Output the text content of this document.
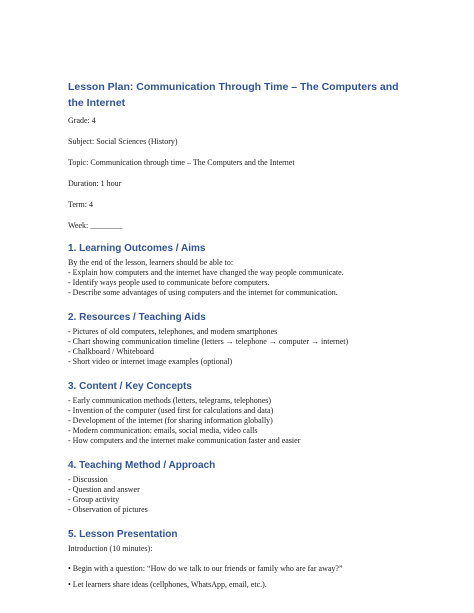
Lesson Plan: Communication Through Time – The Computers and the Internet

Grade: 4

Subject: Social Sciences (History)

Topic: Communication through time – The Computers and the Internet

Duration: 1 hour

Term: 4

Week: ________

1. Learning Outcomes / Aims

By the end of the lesson, learners should be able to:

- Explain how computers and the internet have changed the way people communicate.
- Identify ways people used to communicate before computers.
- Describe some advantages of using computers and the internet for communication.
2. Resources / Teaching Aids
- Pictures of old computers, telephones, and modern smartphones
- Chart showing communication timeline (letters → telephone → computer → internet)
- Chalkboard / Whiteboard
- Short video or internet image examples (optional)
3. Content / Key Concepts
- Early communication methods (letters, telegrams, telephones)
- Invention of the computer (used first for calculations and data)
- Development of the internet (for sharing information globally)
- Modern communication: emails, social media, video calls
- How computers and the internet make communication faster and easier
4. Teaching Method / Approach
- Discussion
- Question and answer
- Group activity
- Observation of pictures
5. Lesson Presentation

Introduction (10 minutes):

• Begin with a question: “How do we talk to our friends or family who are far away?”
• Let learners share ideas (cellphones, WhatsApp, email, etc.).
